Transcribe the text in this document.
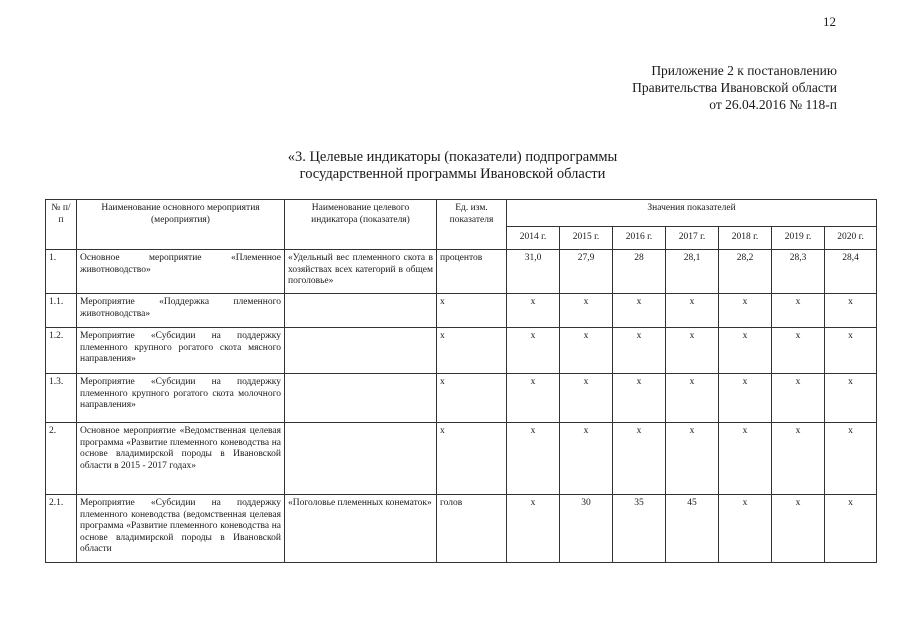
12
Приложение 2 к постановлению
Правительства Ивановской области
от 26.04.2016 № 118-п
«3. Целевые индикаторы (показатели) подпрограммы
государственной программы Ивановской области
№ п/п	Наименование основного мероприятия (мероприятия)	Наименование целевого индикатора (показателя)	Ед. изм. показателя	Значения показателей						
				2014 г.	2015 г.	2016 г.	2017 г.	2018 г.	2019 г.	2020 г.
1.	Основное мероприятие «Племенное животноводство»	«Удельный вес племенного скота в хозяйствах всех категорий в общем поголовье»	процентов	31,0	27,9	28	28,1	28,2	28,3	28,4
1.1.	Мероприятие «Поддержка племенного животноводства»		х	х	х	х	х	х	х	х
1.2.	Мероприятие «Субсидии на поддержку племенного крупного рогатого скота мясного направления»		х	х	х	х	х	х	х	х
1.3.	Мероприятие «Субсидии на поддержку племенного крупного рогатого скота молочного направления»		х	х	х	х	х	х	х	х
2.	Основное мероприятие «Ведомственная целевая программа «Развитие племенного коневодства на основе владимирской породы в Ивановской области в 2015 - 2017 годах»		х	х	х	х	х	х	х	х
2.1.	Мероприятие «Субсидии на поддержку племенного коневодства (ведомственная целевая программа «Развитие племенного коневодства на основе владимирской породы в Ивановской области	«Поголовье племенных конематок»	голов	х	30	35	45	х	х	х
